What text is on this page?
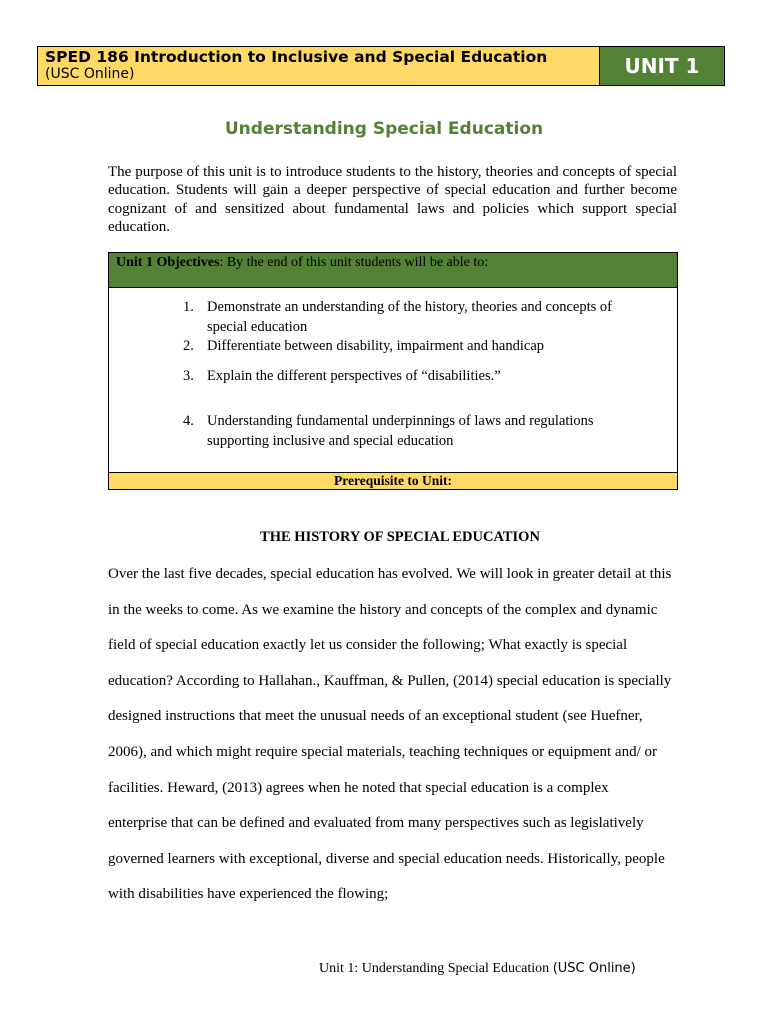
SPED 186 Introduction to Inclusive and Special Education
(USC Online)	UNIT 1
Understanding Special Education

The purpose of this unit is to introduce students to the history, theories and concepts of special education. Students will gain a deeper perspective of special education and further become cognizant of and sensitized about fundamental laws and policies which support special education.

Unit 1 Objectives: By the end of this unit students will be able to:
1. Demonstrate an understanding of the history, theories and concepts of special education
2. Differentiate between disability, impairment and handicap
3. Explain the different perspectives of “disabilities.”
4. Understanding fundamental underpinnings of laws and regulations supporting inclusive and special education
Prerequisite to Unit:
THE HISTORY OF SPECIAL EDUCATION
Over the last five decades, special education has evolved. We will look in greater detail at this
in the weeks to come. As we examine the history and concepts of the complex and dynamic
field of special education exactly let us consider the following; What exactly is special
education? According to Hallahan., Kauffman, & Pullen, (2014) special education is specially
designed instructions that meet the unusual needs of an exceptional student (see Huefner,
2006), and which might require special materials, teaching techniques or equipment and/ or
facilities. Heward, (2013) agrees when he noted that special education is a complex
enterprise that can be defined and evaluated from many perspectives such as legislatively
governed learners with exceptional, diverse and special education needs. Historically, people
with disabilities have experienced the flowing;
Unit 1: Understanding Special Education (USC Online)
